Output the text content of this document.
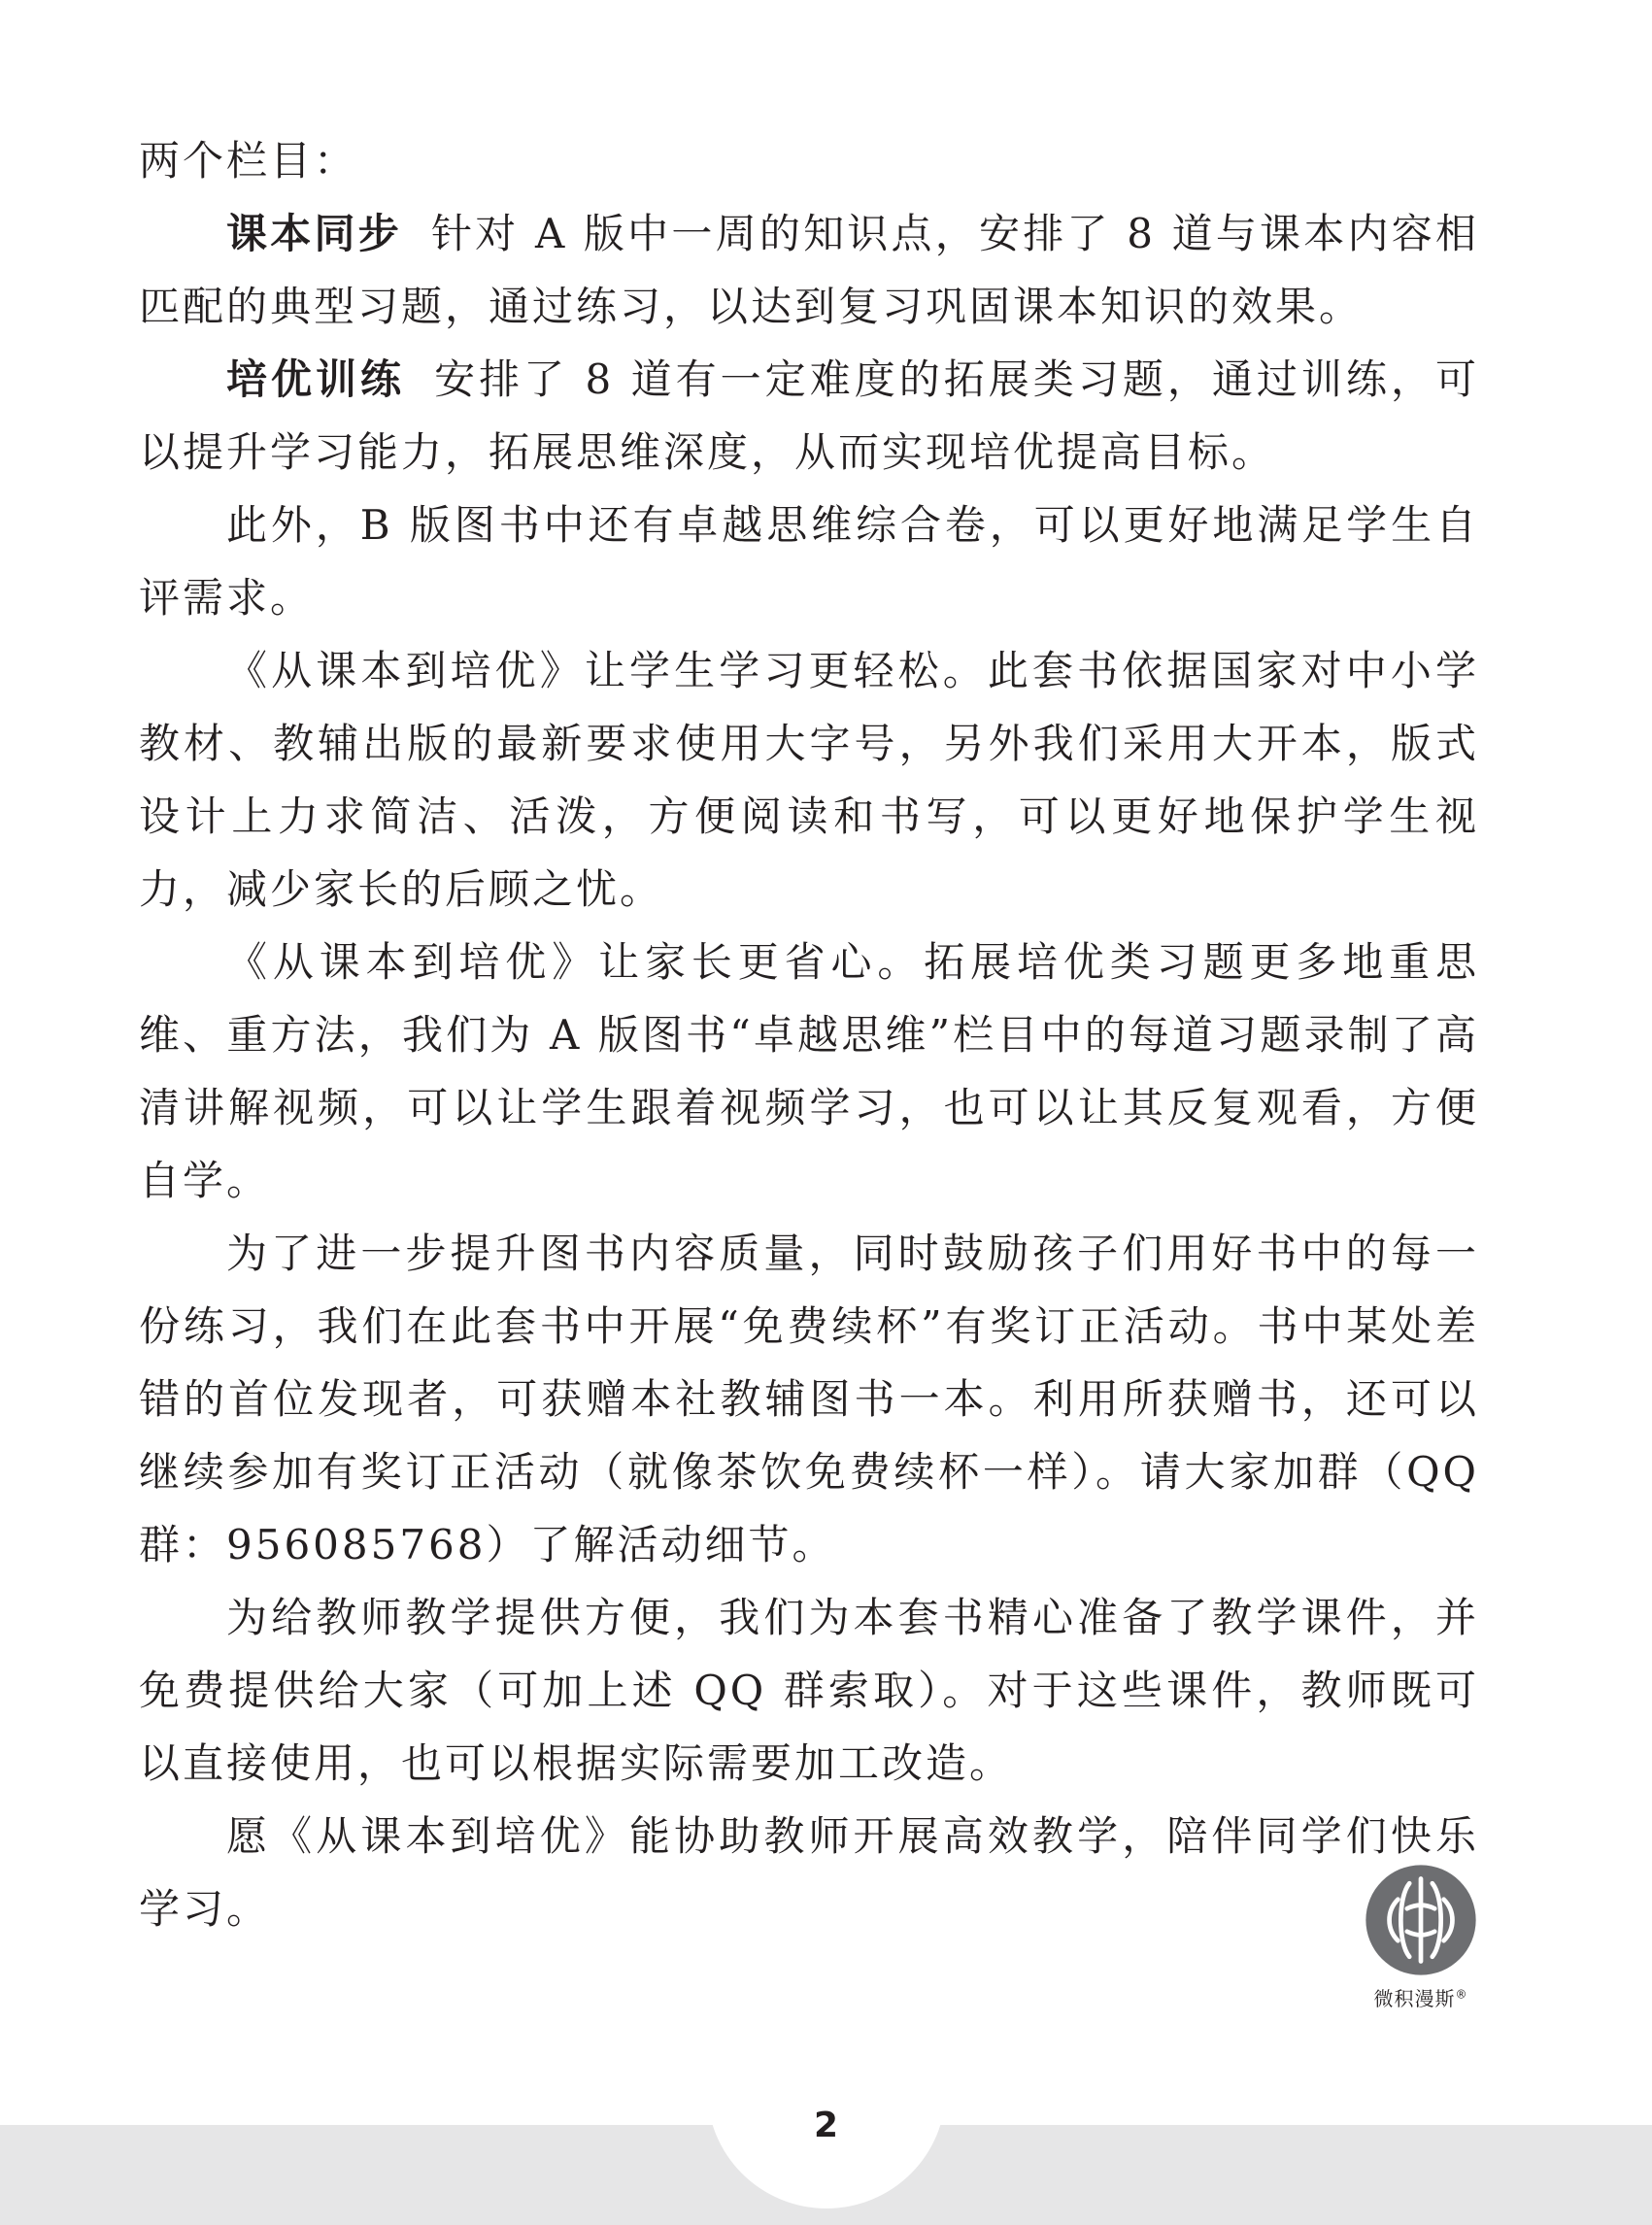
两个栏目：

课本同步 针对 A 版中一周的知识点，安排了 8 道与课本内容相匹配的典型习题，通过练习，以达到复习巩固课本知识的效果。

培优训练 安排了 8 道有一定难度的拓展类习题，通过训练，可以提升学习能力，拓展思维深度，从而实现培优提高目标。

此外，B 版图书中还有卓越思维综合卷，可以更好地满足学生自评需求。

《从课本到培优》让学生学习更轻松。此套书依据国家对中小学教材、教辅出版的最新要求使用大字号，另外我们采用大开本，版式设计上力求简洁、活泼，方便阅读和书写，可以更好地保护学生视力，减少家长的后顾之忧。

《从课本到培优》让家长更省心。拓展培优类习题更多地重思维、重方法，我们为 A 版图书“卓越思维”栏目中的每道习题录制了高清讲解视频，可以让学生跟着视频学习，也可以让其反复观看，方便自学。

为了进一步提升图书内容质量，同时鼓励孩子们用好书中的每一份练习，我们在此套书中开展“免费续杯”有奖订正活动。书中某处差错的首位发现者，可获赠本社教辅图书一本。利用所获赠书，还可以继续参加有奖订正活动（就像茶饮免费续杯一样）。请大家加群（QQ 群：956085768）了解活动细节。

为给教师教学提供方便，我们为本套书精心准备了教学课件，并免费提供给大家（可加上述 QQ 群索取）。对于这些课件，教师既可以直接使用，也可以根据实际需要加工改造。

愿《从课本到培优》能协助教师开展高效教学，陪伴同学们快乐学习。

微积漫斯®
2
